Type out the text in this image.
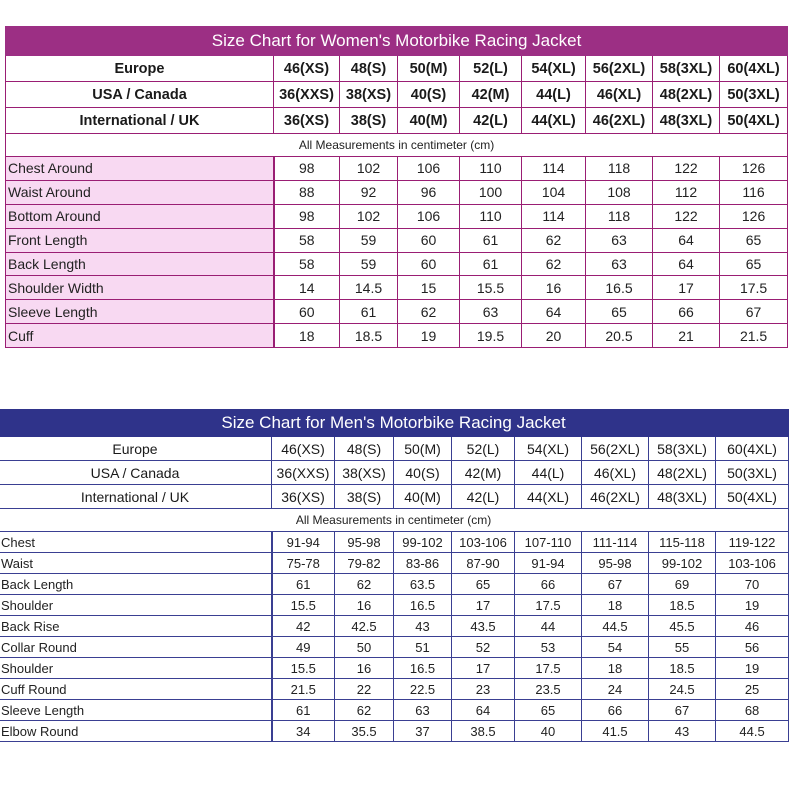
Size Chart for Women's Motorbike Racing Jacket								
Europe	46(XS)	48(S)	50(M)	52(L)	54(XL)	56(2XL)	58(3XL)	60(4XL)
USA / Canada	36(XXS)	38(XS)	40(S)	42(M)	44(L)	46(XL)	48(2XL)	50(3XL)
International / UK	36(XS)	38(S)	40(M)	42(L)	44(XL)	46(2XL)	48(3XL)	50(4XL)
All Measurements in centimeter (cm)								
Chest Around	98	102	106	110	114	118	122	126
Waist Around	88	92	96	100	104	108	112	116
Bottom Around	98	102	106	110	114	118	122	126
Front Length	58	59	60	61	62	63	64	65
Back Length	58	59	60	61	62	63	64	65
Shoulder Width	14	14.5	15	15.5	16	16.5	17	17.5
Sleeve Length	60	61	62	63	64	65	66	67
Cuff	18	18.5	19	19.5	20	20.5	21	21.5
Size Chart for Men's Motorbike Racing Jacket								
Europe	46(XS)	48(S)	50(M)	52(L)	54(XL)	56(2XL)	58(3XL)	60(4XL)
USA / Canada	36(XXS)	38(XS)	40(S)	42(M)	44(L)	46(XL)	48(2XL)	50(3XL)
International / UK	36(XS)	38(S)	40(M)	42(L)	44(XL)	46(2XL)	48(3XL)	50(4XL)
All Measurements in centimeter (cm)								
Chest	91-94	95-98	99-102	103-106	107-110	111-114	115-118	119-122
Waist	75-78	79-82	83-86	87-90	91-94	95-98	99-102	103-106
Back Length	61	62	63.5	65	66	67	69	70
Shoulder	15.5	16	16.5	17	17.5	18	18.5	19
Back Rise	42	42.5	43	43.5	44	44.5	45.5	46
Collar Round	49	50	51	52	53	54	55	56
Shoulder	15.5	16	16.5	17	17.5	18	18.5	19
Cuff Round	21.5	22	22.5	23	23.5	24	24.5	25
Sleeve Length	61	62	63	64	65	66	67	68
Elbow Round	34	35.5	37	38.5	40	41.5	43	44.5
